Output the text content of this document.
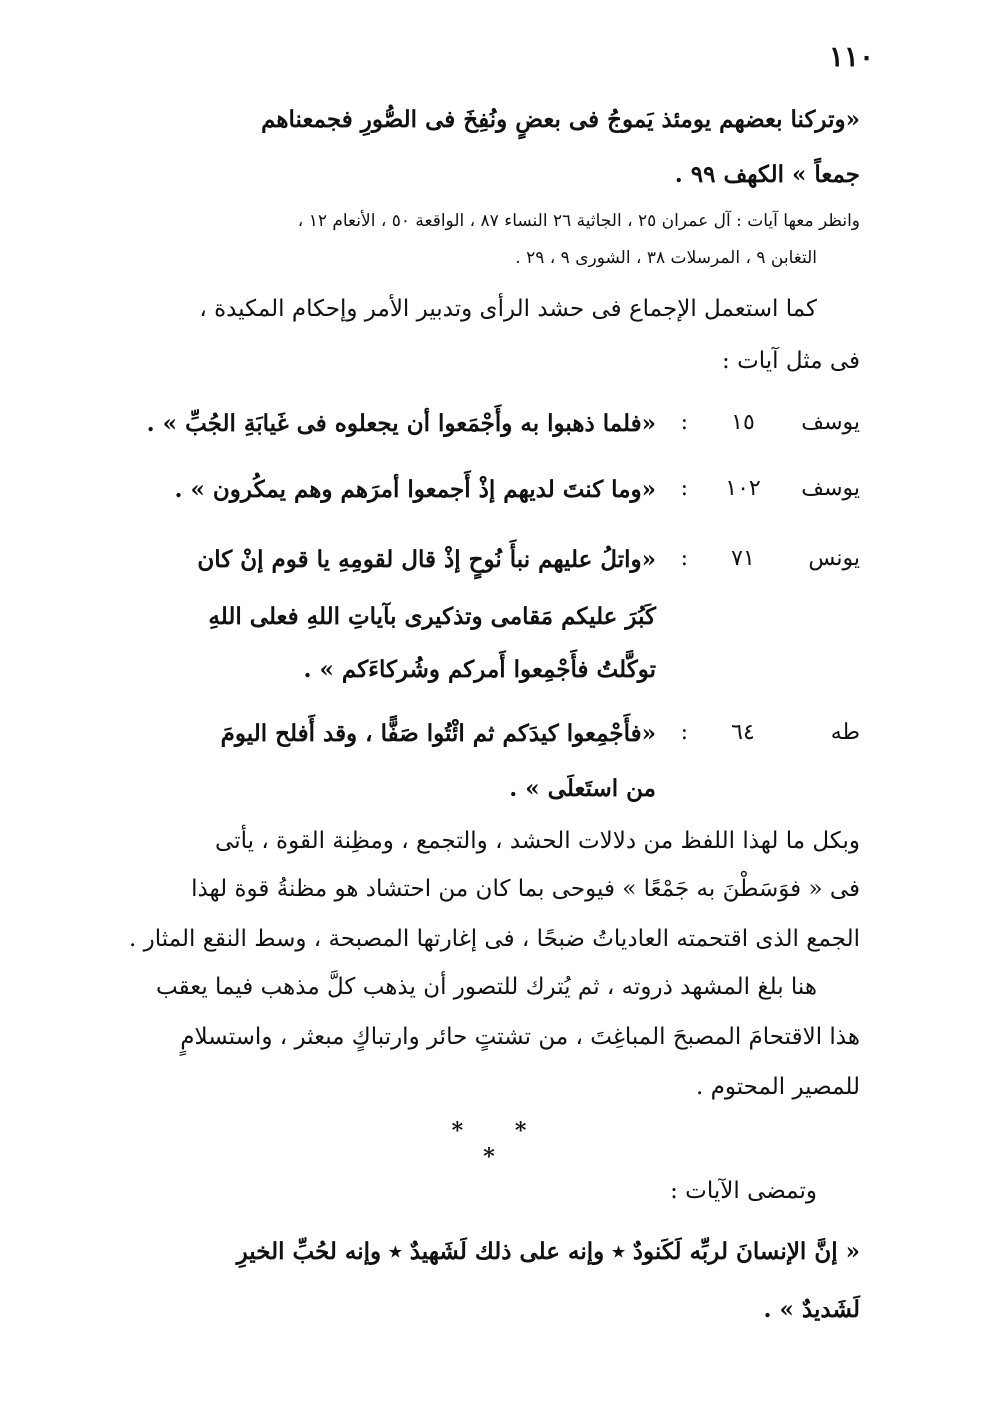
١١٠
«وتركنا بعضهم يومئذ يَموجُ فى بعضٍ ونُفِخَ فى الصُّورِ فجمعناهم
جمعاً » الكهف ٩٩ .
وانظر معها آيات : آل عمران ٢٥ ، الجاثية ٢٦ النساء ٨٧ ، الواقعة ٥٠ ، الأنعام ١٢ ،
التغابن ٩ ، المرسلات ٣٨ ، الشورى ٩ ، ٢٩ .
كما استعمل الإجماع فى حشد الرأى وتدبير الأمر وإحكام المكيدة ،
فى مثل آيات :
يوسف
١٥
:
«فلما ذهبوا به وأَجْمَعوا أن يجعلوه فى غَيابَةِ الجُبِّ » .
يوسف
١٠٢
:
«وما كنتَ لديهم إذْ أَجمعوا أمرَهم وهم يمكُرون » .
يونس
٧١
:
«واتلُ عليهم نبأَ نُوحٍ إذْ قال لقومِهِ يا قوم إنْ كان
كَبُرَ عليكم مَقامى وتذكيرى بآياتِ اللهِ فعلى اللهِ
توكَّلتُ فأَجْمِعوا أَمركم وشُركاءَكم » .
طه
٦٤
:
«فأَجْمِعوا كيدَكم ثم ائْتُوا صَفًّا ، وقد أَفلح اليومَ
من استَعلَى » .
وبكل ما لهذا اللفظ من دلالات الحشد ، والتجمع ، ومظِنة القوة ، يأتى
فى « فوَسَطْنَ به جَمْعًا » فيوحى بما كان من احتشاد هو مظنةُ قوة لهذا
الجمع الذى اقتحمته العادياتُ ضبحًا ، فى إغارتها المصبحة ، وسط النقع المثار .
هنا بلغ المشهد ذروته ، ثم يُترك للتصور أن يذهب كلَّ مذهب فيما يعقب
هذا الاقتحامَ المصبحَ المباغِتَ ، من تشتتٍ حائر وارتباكٍ مبعثر ، واستسلامٍ
للمصير المحتوم .
* * *
وتمضى الآيات :
« إنَّ الإنسانَ لربِّه لَكَنودٌ ٭ وإنه على ذلك لَشَهيدٌ ٭ وإنه لحُبِّ الخيرِ
لَشَديدٌ » .
